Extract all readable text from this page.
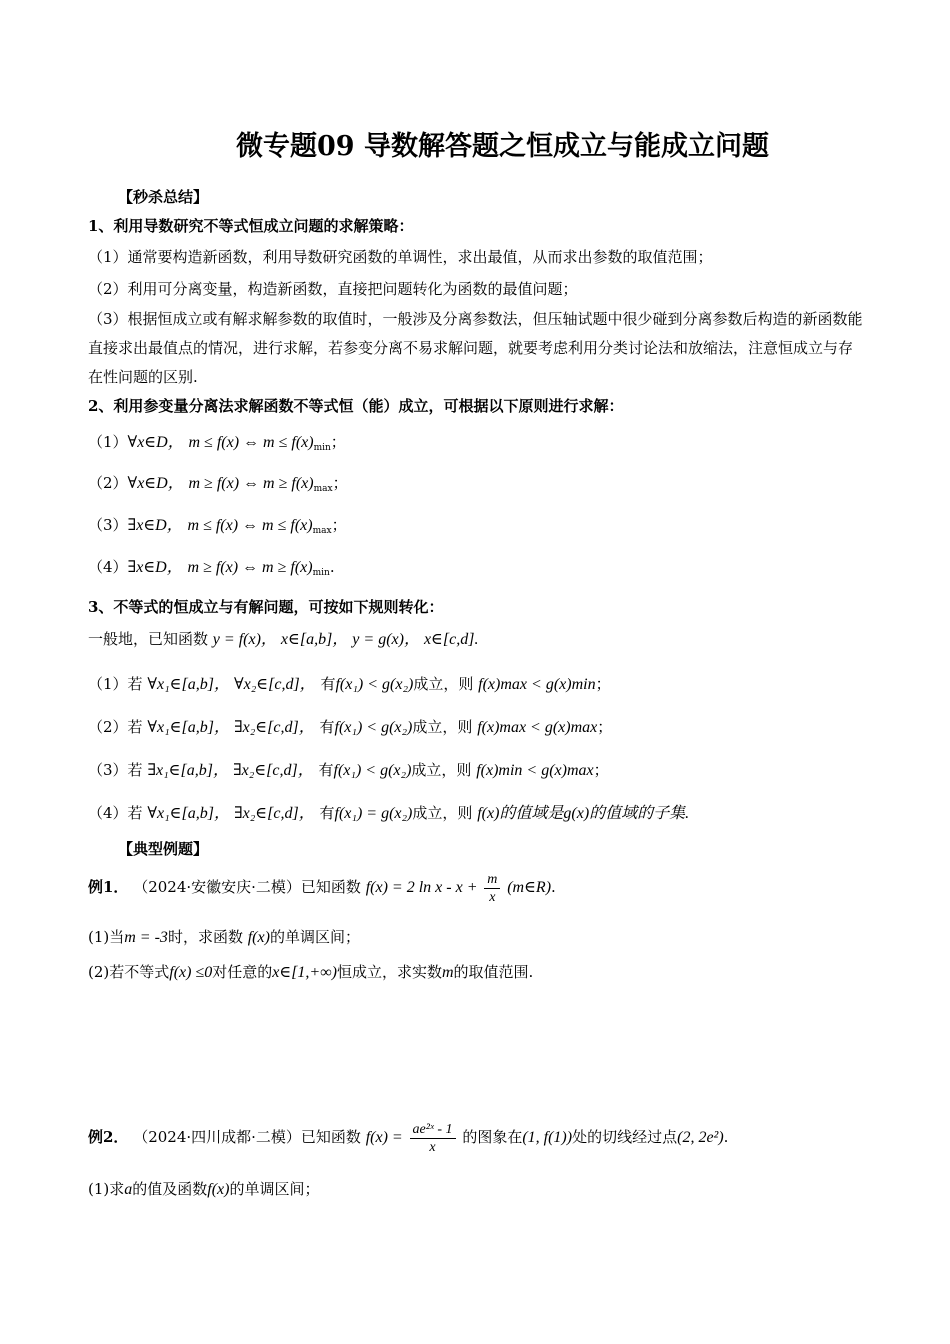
微专题09 导数解答题之恒成立与能成立问题
【秒杀总结】
1、利用导数研究不等式恒成立问题的求解策略：
（1）通常要构造新函数，利用导数研究函数的单调性，求出最值，从而求出参数的取值范围；
（2）利用可分离变量，构造新函数，直接把问题转化为函数的最值问题；
（3）根据恒成立或有解求解参数的取值时，一般涉及分离参数法，但压轴试题中很少碰到分离参数后构造的新函数能直接求出最值点的情况，进行求解，若参变分离不易求解问题，就要考虑利用分类讨论法和放缩法，注意恒成立与存在性问题的区别.
2、利用参变量分离法求解函数不等式恒（能）成立，可根据以下原则进行求解：
（1）∀x∈D， m ≤ f(x) ⇔ $m \le f(x)_{min}$；
（2）∀x∈D， m ≥ f(x) ⇔ $m \ge f(x)_{max}$；
（3）∃x∈D， m ≤ f(x) ⇔ $m \le f(x)_{max}$；
（4）∃x∈D， m ≥ f(x) ⇔ $m \ge f(x)_{min}$.
3、不等式的恒成立与有解问题，可按如下规则转化：
一般地，已知函数 y = f(x)， x∈[a,b]， y = g(x)， x∈[c,d].
（1）若 ∀x₁∈[a,b]， ∀x₂∈[c,d]， 有f(x₁) < g(x₂)成立，则 f(x)max < g(x)min；
（2）若 ∀x₁∈[a,b]， ∃x₂∈[c,d]， 有f(x₁) < g(x₂)成立，则 f(x)max < g(x)max；
（3）若 ∃x₁∈[a,b]， ∃x₂∈[c,d]， 有f(x₁) < g(x₂)成立，则 f(x)min < g(x)max；
（4）若 ∀x₁∈[a,b]， ∃x₂∈[c,d]， 有f(x₁) = g(x₂)成立，则 f(x)的值域是g(x)的值域的子集.
【典型例题】
例1． （2024·安徽安庆·二模）已知函数 f(x) = 2 $\ln x - x + \frac{m}{x}$ (m∈R).
(1)当m = -3时，求函数 f(x)的单调区间；
(2)若不等式f(x) ≤0对任意的x∈[1,+∞)恒成立，求实数m的取值范围.
例2． （2024·四川成都·二模）已知函数 $f(x) = \frac{\text{ae²ˣ - 1}}{x}$ 的图象在(1, f(1))处的切线经过点(2, 2e²).
(1)求a的值及函数f(x)的单调区间；
